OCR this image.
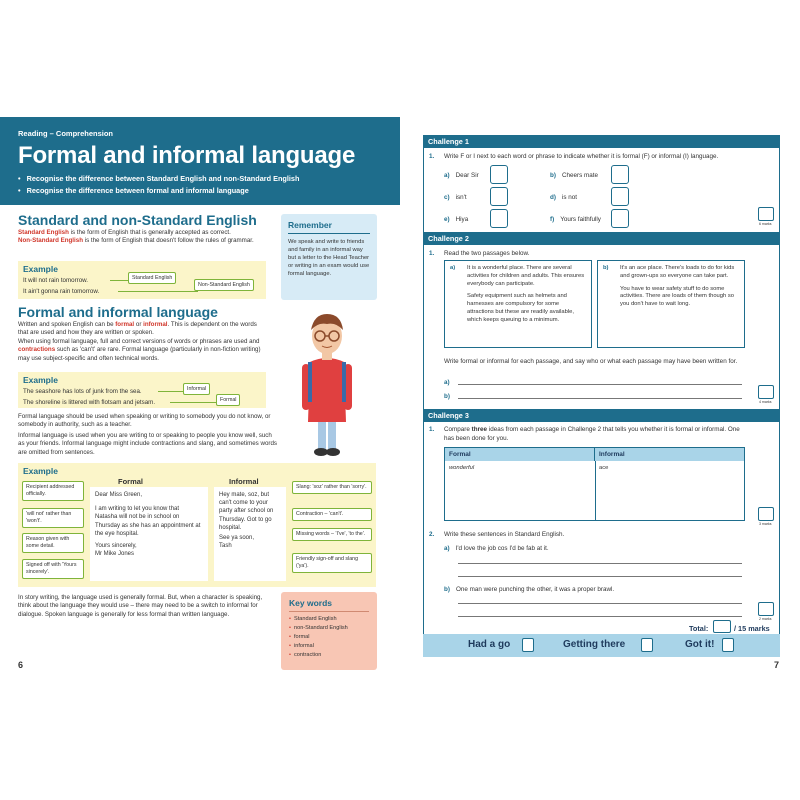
Reading – Comprehension
Formal and informal language
• Recognise the difference between Standard English and non-Standard English
• Recognise the difference between formal and informal language
Standard and non-Standard English
Standard English is the form of English that is generally accepted as correct.
Non-Standard English is the form of English that doesn't follow the rules of grammar.
Example
It will not rain tomorrow.
It ain't gonna rain tomorrow.
Standard English
Non-Standard English
Remember
We speak and write to friends and family in an informal way but a letter to the Head Teacher or writing in an exam would use formal language.
Formal and informal language
Written and spoken English can be formal or informal. This is dependent on the words that are used and how they are written or spoken.
When using formal language, full and correct versions of words or phrases are used and contractions such as 'can't' are rare. Formal language (particularly in non-fiction writing) may use subject-specific and often technical words.
Example
The seashore has lots of junk from the sea.
The shoreline is littered with flotsam and jetsam.
Informal
Formal
Formal language should be used when speaking or writing to somebody you do not know, or somebody in authority, such as a teacher.
Informal language is used when you are writing to or speaking to people you know well, such as your friends. Informal language might include contractions and slang, and sometimes words are omitted from sentences.
Example
Formal	Informal
Recipient addressed officially.
'will not' rather than 'won't'.
Reason given with some detail.
Signed off with 'Yours sincerely'.
Dear Miss Green,
I am writing to let you know that Natasha will not be in school on Thursday as she has an appointment at the eye hospital.
Yours sincerely,
Mr Mike Jones
Hey mate, soz, but can't come to your party after school on Thursday. Got to go hospital.
See ya soon,
Tash
Slang: 'soz' rather than 'sorry'.
Contraction – 'can't'.
Missing words – 'I've', 'to the'.
Friendly sign-off and slang ('ya').
In story writing, the language used is generally formal. But, when a character is speaking, think about the language they would use – there may need to be a switch to informal for dialogue. Spoken language is generally for less formal than written language.
Key words
• Standard English
• non-Standard English
• formal
• informal
• contraction
6
Challenge 1
1. Write F or I next to each word or phrase to indicate whether it is formal (F) or informal (I) language.
a) Dear Sir	b) Cheers mate
c) isn't	d) is not
e) Hiya	f) Yours faithfully
6 marks
Challenge 2
1. Read the two passages below.
a) It is a wonderful place. There are several activities for children and adults. This ensures everybody can participate.
Safety equipment such as helmets and harnesses are compulsory for some attractions but these are readily available, which keeps queuing to a minimum.
b) It's an ace place. There's loads to do for kids and grown-ups so everyone can take part.
You have to wear safety stuff to do some activities. There are loads of them though so you don't have to wait long.
Write formal or informal for each passage, and say who or what each passage may have been written for.
a)
b)
4 marks
Challenge 3
1. Compare three ideas from each passage in Challenge 2 that tells you whether it is formal or informal. One has been done for you.
Formal	Informal
wonderful	ace
3 marks
2. Write these sentences in Standard English.
a) I'd love the job cos I'd be fab at it.
b) One man were punching the other, it was a proper brawl.
2 marks
Total:	/ 15 marks
Had a go	Getting there	Got it!
7
